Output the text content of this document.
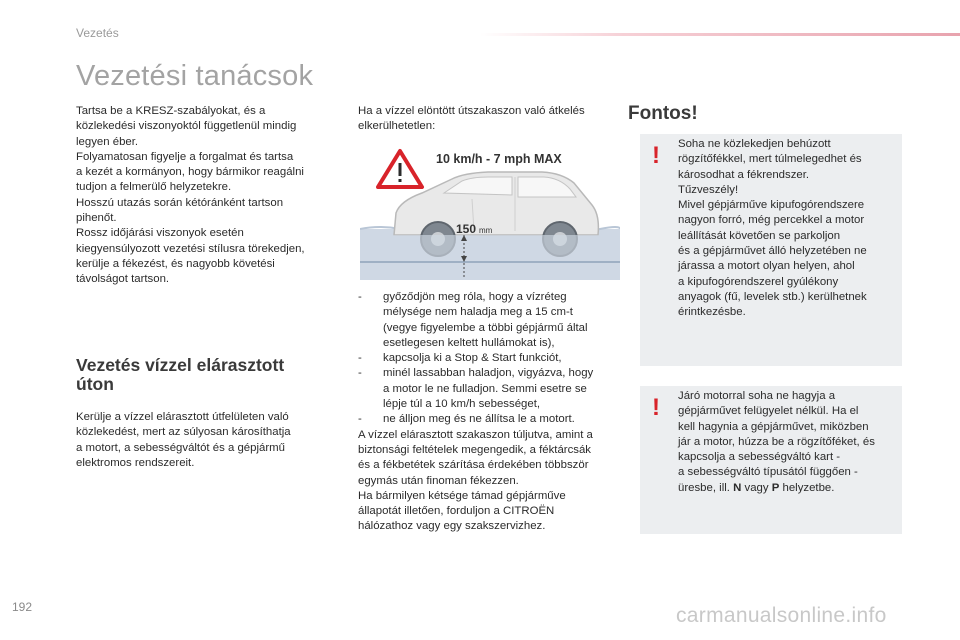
Vezetés
Vezetési tanácsok
Tartsa be a KRESZ-szabályokat, és a
közlekedési viszonyoktól függetlenül mindig
legyen éber.
Folyamatosan figyelje a forgalmat és tartsa
a kezét a kormányon, hogy bármikor reagálni
tudjon a felmerülő helyzetekre.
Hosszú utazás során kétóránként tartson
pihenőt.
Rossz időjárási viszonyok esetén
kiegyensúlyozott vezetési stílusra törekedjen,
kerülje a fékezést, és nagyobb követési
távolságot tartson.
Vezetés vízzel elárasztott
úton
Kerülje a vízzel elárasztott útfelületen való
közlekedést, mert az súlyosan károsíthatja
a motort, a sebességváltót és a gépjármű
elektromos rendszereit.
Ha a vízzel elöntött útszakaszon való átkelés
elkerülhetetlen:
150 mm
10 km/h - 7 mph MAX
- győződjön meg róla, hogy a vízréteg
mélysége nem haladja meg a 15 cm-t
(vegye figyelembe a többi gépjármű által
esetlegesen keltett hullámokat is),
- kapcsolja ki a Stop & Start funkciót,
- minél lassabban haladjon, vigyázva, hogy
a motor le ne fulladjon. Semmi esetre se
lépje túl a 10 km/h sebességet,
- ne álljon meg és ne állítsa le a motort.
A vízzel elárasztott szakaszon túljutva, amint a
biztonsági feltételek megengedik, a féktárcsák
és a fékbetétek szárítása érdekében többször
egymás után finoman fékezzen.
Ha bármilyen kétsége támad gépjárműve
állapotát illetően, forduljon a CITROËN
hálózathoz vagy egy szakszervizhez.
Fontos!
! Soha ne közlekedjen behúzott
rögzítőfékkel, mert túlmelegedhet és
károsodhat a fékrendszer.
Tűzveszély!
Mivel gépjárműve kipufogórendszere
nagyon forró, még percekkel a motor
leállítását követően se parkoljon
és a gépjárművet álló helyzetében ne
járassa a motort olyan helyen, ahol
a kipufogórendszerel gyúlékony
anyagok (fű, levelek stb.) kerülhetnek
érintkezésbe.
! Járó motorral soha ne hagyja a
gépjárművet felügyelet nélkül. Ha el
kell hagynia a gépjárművet, miközben
jár a motor, húzza be a rögzítőféket, és
kapcsolja a sebességváltó kart -
a sebességváltó típusától függően -
üresbe, ill. N vagy P helyzetbe.
192	carmanualsonline.info
